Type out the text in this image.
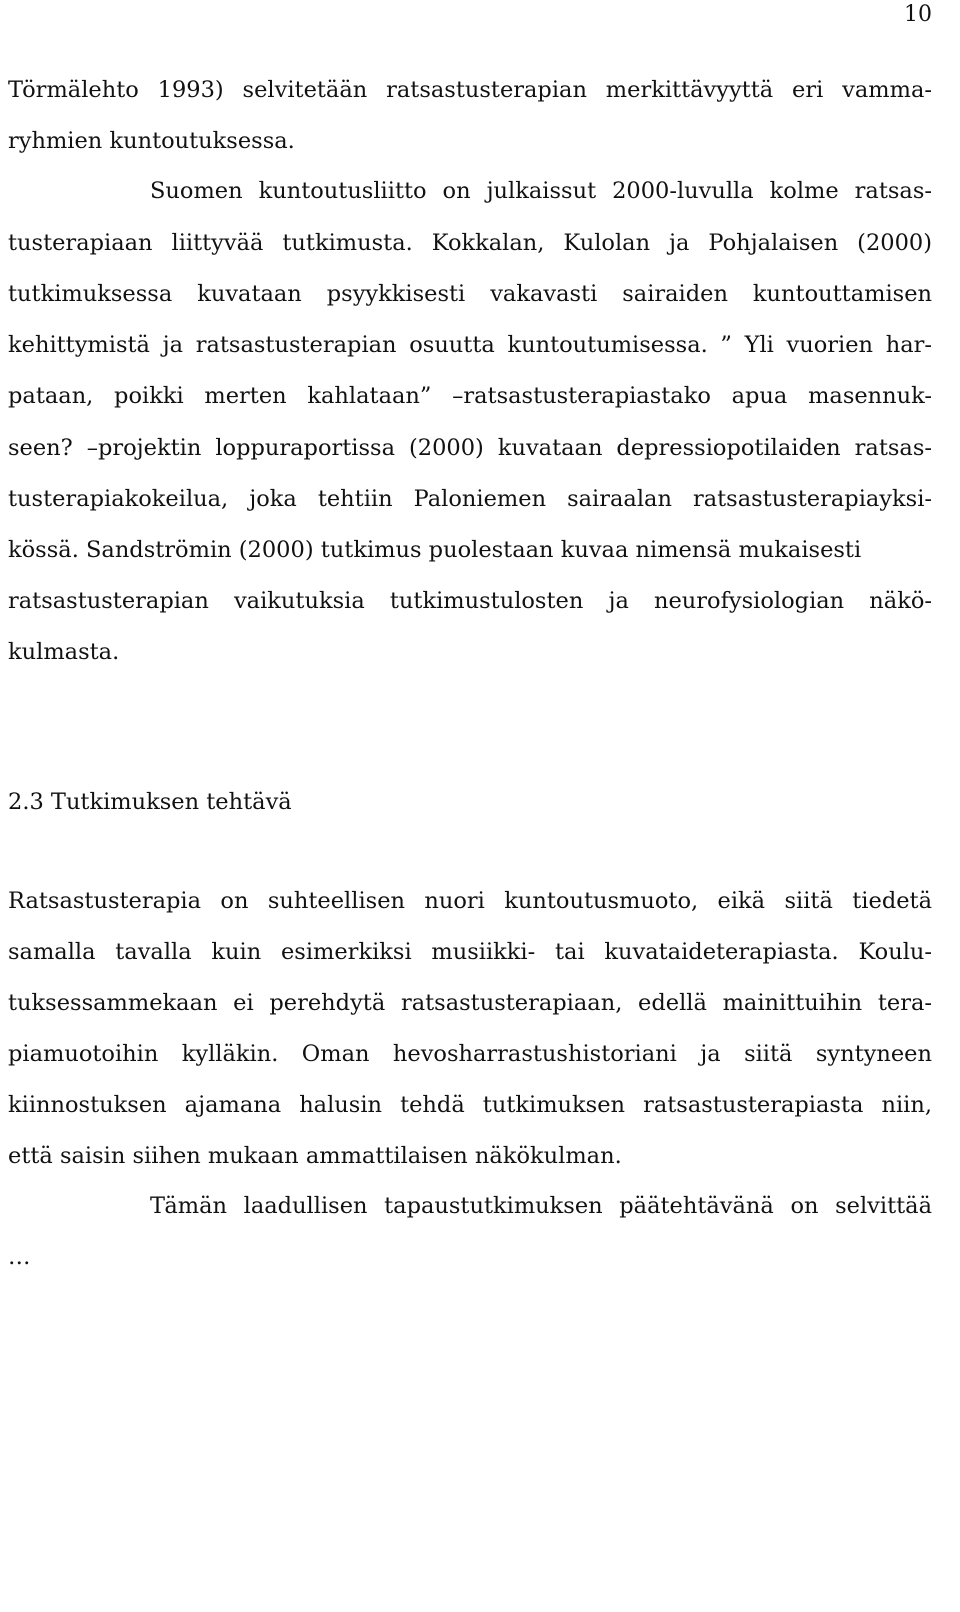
10
Törmälehto 1993) selvitetään ratsastusterapian merkittävyyttä eri vamma-
ryhmien kuntoutuksessa.
Suomen kuntoutusliitto on julkaissut 2000-luvulla kolme ratsas-
tusterapiaan liittyvää tutkimusta. Kokkalan, Kulolan ja Pohjalaisen (2000)
tutkimuksessa kuvataan psyykkisesti vakavasti sairaiden kuntouttamisen
kehittymistä ja ratsastusterapian osuutta kuntoutumisessa. ” Yli vuorien har-
pataan, poikki merten kahlataan” –ratsastusterapiastako apua masennuk-
seen? –projektin loppuraportissa (2000) kuvataan depressiopotilaiden ratsas-
tusterapiakokeilua, joka tehtiin Paloniemen sairaalan ratsastusterapiayksi-
kössä. Sandströmin (2000) tutkimus puolestaan kuvaa nimensä mukaisesti
ratsastusterapian vaikutuksia tutkimustulosten ja neurofysiologian näkö-
kulmasta.
2.3 Tutkimuksen tehtävä
Ratsastusterapia on suhteellisen nuori kuntoutusmuoto, eikä siitä tiedetä
samalla tavalla kuin esimerkiksi musiikki- tai kuvataideterapiasta. Koulu-
tuksessammekaan ei perehdytä ratsastusterapiaan, edellä mainittuihin tera-
piamuotoihin kylläkin. Oman hevosharrastushistoriani ja siitä syntyneen
kiinnostuksen ajamana halusin tehdä tutkimuksen ratsastusterapiasta niin,
että saisin siihen mukaan ammattilaisen näkökulman.
Tämän laadullisen tapaustutkimuksen päätehtävänä on selvittää
…
